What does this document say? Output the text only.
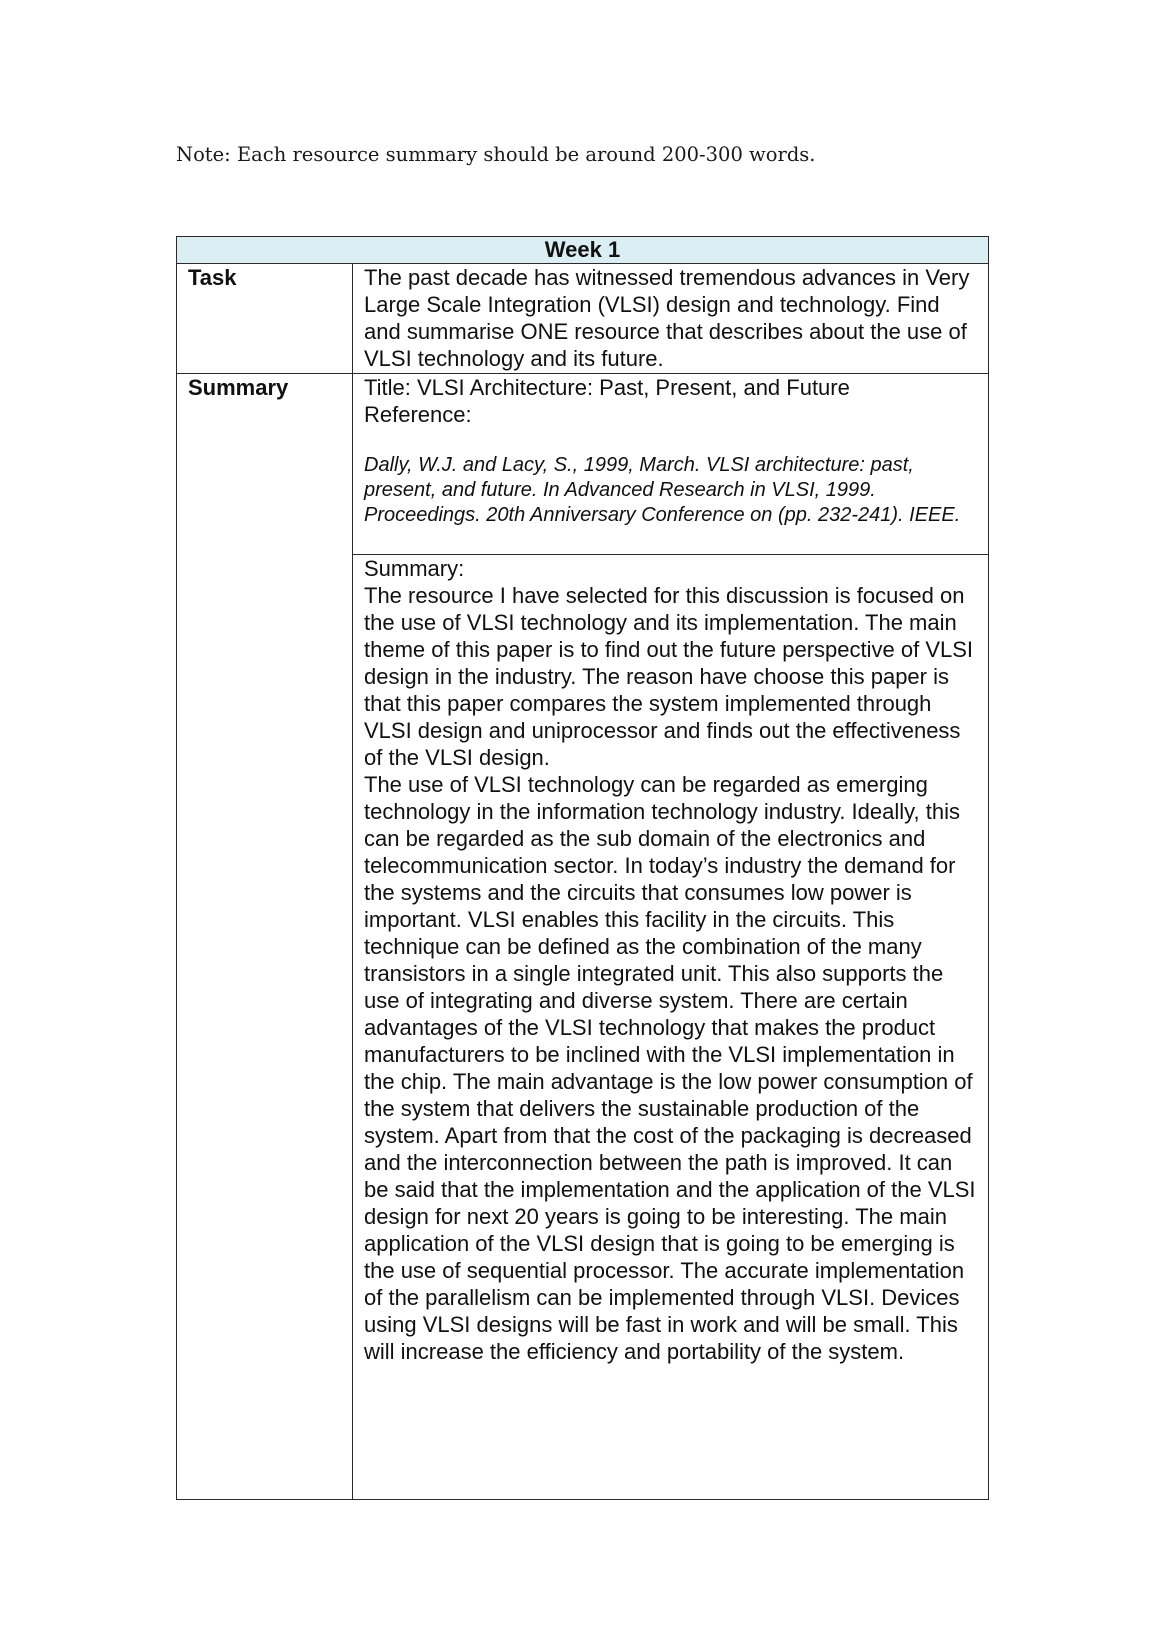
Note: Each resource summary should be around 200-300 words.
Week 1	
Task	The past decade has witnessed tremendous advances in Very Large Scale Integration (VLSI) design and technology. Find and summarise ONE resource that describes about the use of VLSI technology and its future.
Summary	Title: VLSI Architecture: Past, Present, and Future
Reference:
Dally, W.J. and Lacy, S., 1999, March. VLSI architecture: past, present, and future. In Advanced Research in VLSI, 1999. Proceedings. 20th Anniversary Conference on (pp. 232-241). IEEE.

	Summary:
The resource I have selected for this discussion is focused on the use of VLSI technology and its implementation. The main theme of this paper is to find out the future perspective of VLSI design in the industry. The reason have choose this paper is that this paper compares the system implemented through VLSI design and uniprocessor and finds out the effectiveness of the VLSI design.
The use of VLSI technology can be regarded as emerging technology in the information technology industry. Ideally, this can be regarded as the sub domain of the electronics and telecommunication sector. In today’s industry the demand for the systems and the circuits that consumes low power is important. VLSI enables this facility in the circuits. This technique can be defined as the combination of the many transistors in a single integrated unit. This also supports the use of integrating and diverse system. There are certain advantages of the VLSI technology that makes the product manufacturers to be inclined with the VLSI implementation in the chip. The main advantage is the low power consumption of the system that delivers the sustainable production of the system. Apart from that the cost of the packaging is decreased and the interconnection between the path is improved. It can be said that the implementation and the application of the VLSI design for next 20 years is going to be interesting. The main application of the VLSI design that is going to be emerging is the use of sequential processor. The accurate implementation of the parallelism can be implemented through VLSI. Devices using VLSI designs will be fast in work and will be small. This will increase the efficiency and portability of the system.
